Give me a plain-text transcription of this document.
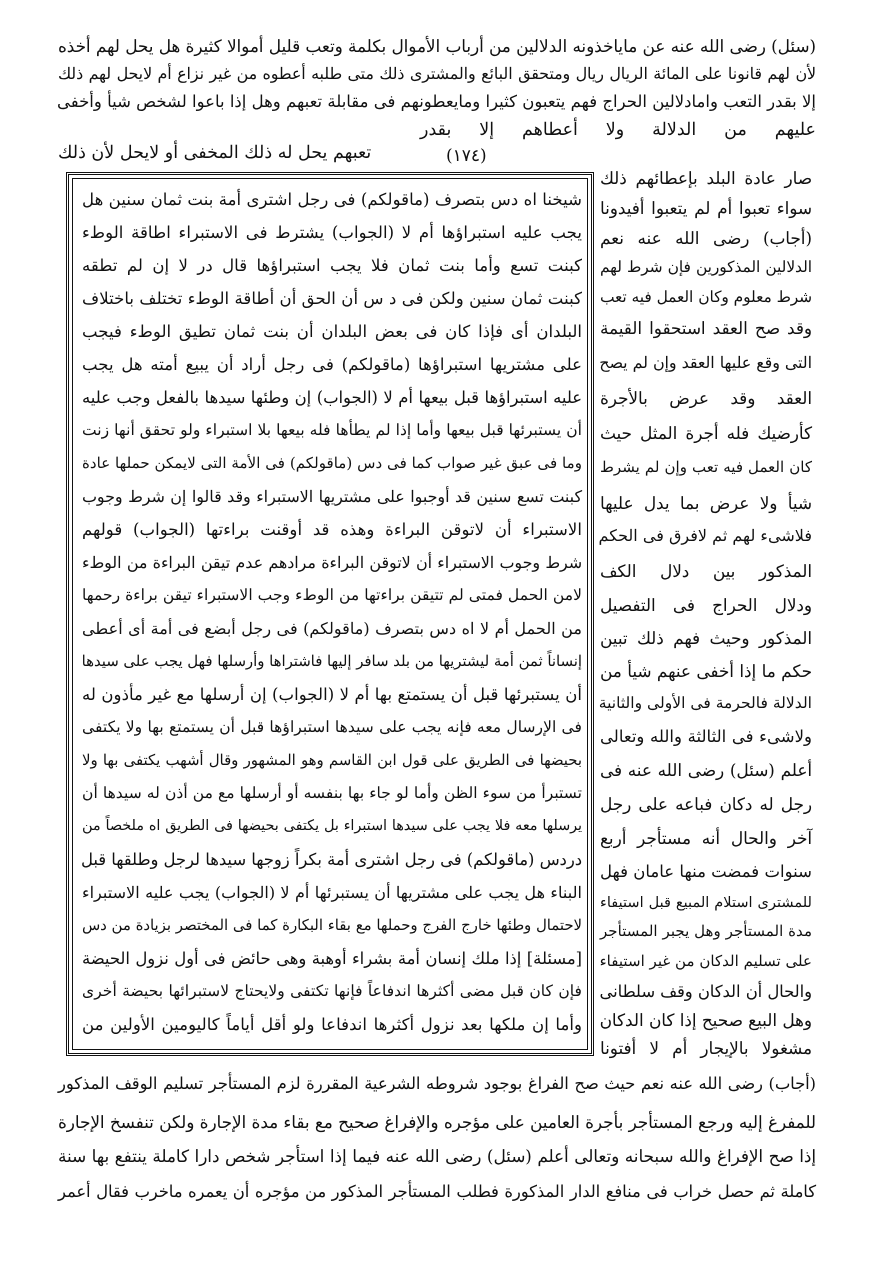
(سئل) رضى الله عنه عن ماياخذونه الدلالين من أرباب الأموال بكلمة وتعب قليل أموالا كثيرة هل يحل لهم أخذه
لأن لهم قانونا على المائة الريال ريال ومتحقق البائع والمشترى ذلك متى طلبه أعطوه من غير نزاع أم لايحل لهم ذلك
إلا بقدر التعب وامادلالين الحراج فهم يتعبون كثيرا ومايعطونهم فى مقابلة تعبهم وهل إذا باعوا لشخص شيأ وأخفى
عليهم من الدلالة ولا أعطاهم إلا بقدر
( ١٧٤ )
تعبهم يحل له ذلك المخفى أو لايحل لأن ذلك
صار عادة البلد بإعطائهم ذلك
سواء تعبوا أم لم يتعبوا أفيدونا
(أجاب) رضى الله عنه نعم
الدلالين المذكورين فإن شرط لهم
شرط معلوم وكان العمل فيه تعب
وقد صح العقد استحقوا القيمة
التى وقع عليها العقد وإن لم يصح
العقد وقد عرض بالأجرة
كأرضيك فله أجرة المثل حيث
كان العمل فيه تعب وإن لم يشرط
شيأ ولا عرض بما يدل عليها
فلاشىء لهم ثم لافرق فى الحكم
المذكور بين دلال الكف
ودلال الحراج فى التفصيل
المذكور وحيث فهم ذلك تبين
حكم ما إذا أخفى عنهم شيأ من
الدلالة فالحرمة فى الأولى والثانية
ولاشىء فى الثالثة والله وتعالى
أعلم (سئل) رضى الله عنه فى
رجل له دكان فباعه على رجل
آخر والحال أنه مستأجر أربع
سنوات فمضت منها عامان فهل
للمشترى استلام المبيع قبل استيفاء
مدة المستأجر وهل يجبر المستأجر
على تسليم الدكان من غير استيفاء
والحال أن الدكان وقف سلطانى
وهل البيع صحيح إذا كان الدكان
مشغولا بالإيجار أم لا أفتونا
شيخنا اه دس بتصرف (ماقولكم) فى رجل اشترى أمة بنت ثمان سنين هل
يجب عليه استبراؤها أم لا (الجواب) يشترط فى الاستبراء اطاقة الوطء
كبنت تسع وأما بنت ثمان فلا يجب استبراؤها قال در لا إن لم تطقه
كبنت ثمان سنين ولكن فى د س أن الحق أن أطاقة الوطء تختلف باختلاف
البلدان أى فإذا كان فى بعض البلدان أن بنت ثمان تطيق الوطء فيجب
على مشتريها استبراؤها (ماقولكم) فى رجل أراد أن يبيع أمته هل يجب
عليه استبراؤها قبل بيعها أم لا (الجواب) إن وطئها سيدها بالفعل وجب عليه
أن يستبرئها قبل بيعها وأما إذا لم يطأها فله بيعها بلا استبراء ولو تحقق أنها زنت
وما فى عبق غير صواب كما فى دس (ماقولكم) فى الأمة التى لايمكن حملها عادة
كبنت تسع سنين قد أوجبوا على مشتريها الاستبراء وقد قالوا إن شرط وجوب
الاستبراء أن لاتوقن البراءة وهذه قد أوقنت براءتها (الجواب) قولهم
شرط وجوب الاستبراء أن لاتوقن البراءة مرادهم عدم تيقن البراءة من الوطء
لامن الحمل فمتى لم تتيقن براءتها من الوطء وجب الاستبراء تيقن براءة رحمها
من الحمل أم لا اه دس بتصرف (ماقولكم) فى رجل أبضع فى أمة أى أعطى
إنساناً ثمن أمة ليشتريها من بلد سافر إليها فاشتراها وأرسلها فهل يجب على سيدها
أن يستبرئها قبل أن يستمتع بها أم لا (الجواب) إن أرسلها مع غير مأذون له
فى الإرسال معه فإنه يجب على سيدها استبراؤها قبل أن يستمتع بها ولا يكتفى
بحيضها فى الطريق على قول ابن القاسم وهو المشهور وقال أشهب يكتفى بها ولا
تستبرأ من سوء الظن وأما لو جاء بها بنفسه أو أرسلها مع من أذن له سيدها أن
يرسلها معه فلا يجب على سيدها استبراء بل يكتفى بحيضها فى الطريق اه ملخصاً من
دردس (ماقولكم) فى رجل اشترى أمة بكراً زوجها سيدها لرجل وطلقها قبل
البناء هل يجب على مشتريها أن يستبرئها أم لا (الجواب) يجب عليه الاستبراء
لاحتمال وطئها خارج الفرج وحملها مع بقاء البكارة كما فى المختصر بزيادة من دس
[مسئلة] إذا ملك إنسان أمة بشراء أوهبة وهى حائض فى أول نزول الحيضة
فإن كان قبل مضى أكثرها اندفاعاً فإنها تكتفى ولايحتاج لاستبرائها بحيضة أخرى
وأما إن ملكها بعد نزول أكثرها اندفاعا ولو أقل أياماً كاليومين الأولين من
(أجاب) رضى الله عنه نعم حيث صح الفراغ بوجود شروطه الشرعية المقررة لزم المستأجر تسليم الوقف المذكور
للمفرغ إليه ورجع المستأجر بأجرة العامين على مؤجره والإفراغ صحيح مع بقاء مدة الإجارة ولكن تنفسخ الإجارة
إذا صح الإفراغ والله سبحانه وتعالى أعلم (سئل) رضى الله عنه فيما إذا استأجر شخص دارا كاملة ينتفع بها سنة
كاملة ثم حصل خراب فى منافع الدار المذكورة فطلب المستأجر المذكور من مؤجره أن يعمره ماخرب فقال أعمر
